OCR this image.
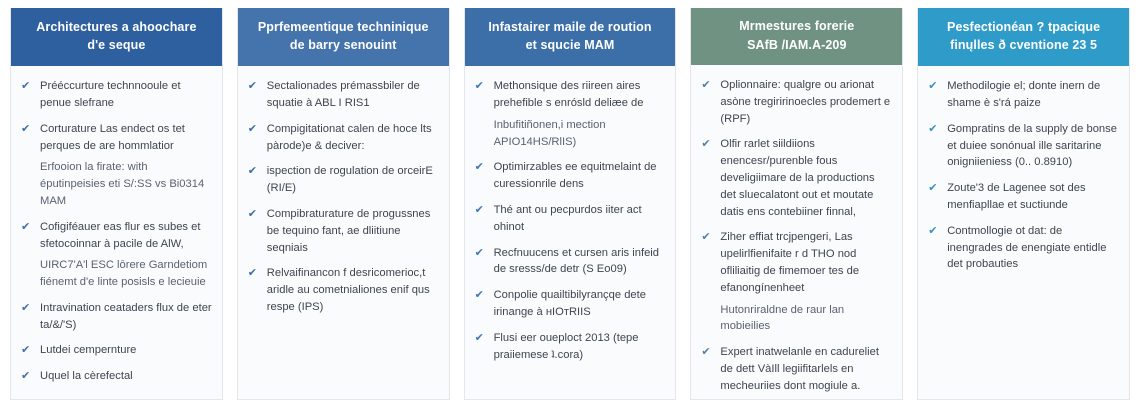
Architectures a ahoochare
d'e seque
✔ Prééccurture technnooule et penue slefrane
✔ Corturature Las endect os tet perques de are hommlatior
Erfooion la firate: with éputinpeisies eti S/:SS vs Bi0314 MAM
✔ Cofigiféauer eas flur es subes et sfetocoinnar à pacile de AlW,
UIRC7'A'l ESC lōrere Garndetiom fiénemt d'e linte posisls e lecieuie
✔ Intravination ceataders flux de eter ta/&/'S)
✔ Lutdei cempernture
✔ Uquel la cèrefectal
Pprfemeentique techninique
de barry senouint
✔ Sectalionades prémassbiler de squatie à ABL I RIS1
✔ Compigitationat calen de hoce lts pàrode)e & deciver:
✔ ispection de rogulation de orceirE (RI/E)
✔ Compibraturature de progussnes be tequino fant, ae dliitiune seqniais
✔ Relvaifinancon f desricomerioc,t aridle au cometnialiones enif qus respe (IPS)
Infastairer maile de roution
et squcie MAM
✔ Methonsique des riireen aires prehefible s enrósld deliæe de
Inbufitiñonen,i mection APIO14HS/RlIS)
✔ Optimirzables ee equitmelaint de curessionrile dens
✔ Thé ant ou pecpurdos iiter act ohinot
✔ Recfnuucens et cursen aris infeid de sresss/de detr (S Eo09)
✔ Conpolie quailtibilyrançqe dete irinange à ʜIOᴛRIIS
✔ Flusi eer oueploct 2013 (tepe praiiemese ʇ.cora)
Mrmestures forerie
SAfB /IAM.A-209
✔ Oplionnaire: qualgre ou arionat asòne tregiririnoecles prodemert e (RPF)
✔ Olfir rarlet siildiions enencesr/purenble fous develigiimare de la productions det sluecalatont out et moutate datis ens contebiiner finnal,
✔ Ziher effiat trcjpengeri, Las upelirlfienifaite r d THO nod ofliliaitig de fimemoer tes de efanongínenheet
Hutonriraldne de raur lan mobieilies
✔ Expert inatwelanle en cadureliet de dett VàIll legiifitarlels en mecheuriies dont mogiule a.
Pesfectionéan ? tpacique
finųlles ð cventione 23 5
✔ Methodilogie el; donte inern de shame è s'rá paize
✔ Gompratins de la supply de bonse et duiee sonónual ille saritarine onigniieniess (0.. 0.8910)
✔ Zoute'3 de Lagenee sot des menfiapllae et suctiunde
✔ Contmollogie ot dat: de inengrades de enengiate entidle det probauties
